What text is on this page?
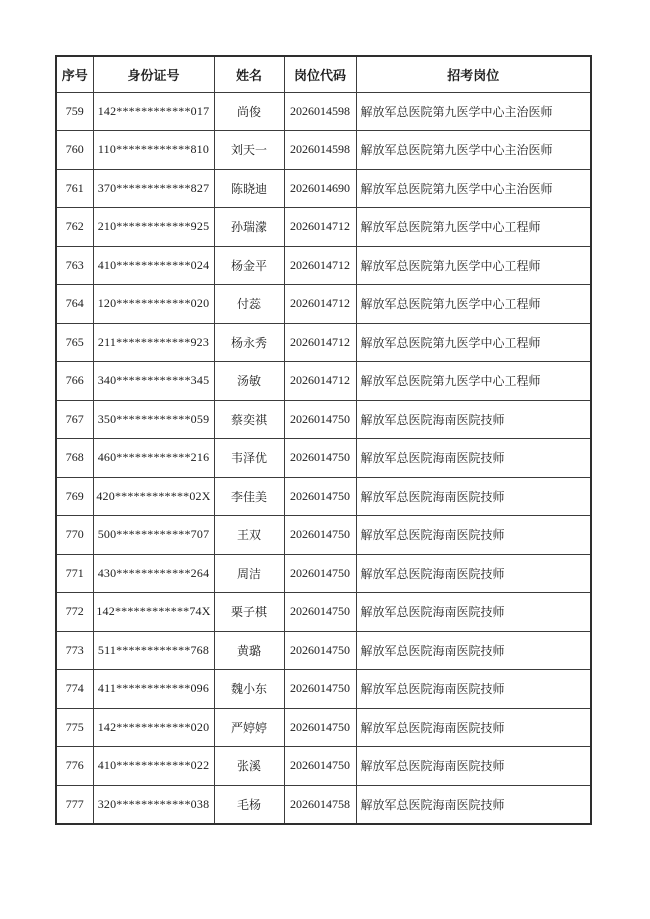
序号	身份证号	姓名	岗位代码	招考岗位
759	142************017	尚俊	2026014598	解放军总医院第九医学中心主治医师
760	110************810	刘天一	2026014598	解放军总医院第九医学中心主治医师
761	370************827	陈晓迪	2026014690	解放军总医院第九医学中心主治医师
762	210************925	孙瑞濛	2026014712	解放军总医院第九医学中心工程师
763	410************024	杨金平	2026014712	解放军总医院第九医学中心工程师
764	120************020	付蕊	2026014712	解放军总医院第九医学中心工程师
765	211************923	杨永秀	2026014712	解放军总医院第九医学中心工程师
766	340************345	汤敏	2026014712	解放军总医院第九医学中心工程师
767	350************059	蔡奕祺	2026014750	解放军总医院海南医院技师
768	460************216	韦泽优	2026014750	解放军总医院海南医院技师
769	420************02X	李佳美	2026014750	解放军总医院海南医院技师
770	500************707	王双	2026014750	解放军总医院海南医院技师
771	430************264	周洁	2026014750	解放军总医院海南医院技师
772	142************74X	栗子棋	2026014750	解放军总医院海南医院技师
773	511************768	黄璐	2026014750	解放军总医院海南医院技师
774	411************096	魏小东	2026014750	解放军总医院海南医院技师
775	142************020	严婷婷	2026014750	解放军总医院海南医院技师
776	410************022	张溪	2026014750	解放军总医院海南医院技师
777	320************038	毛杨	2026014758	解放军总医院海南医院技师
